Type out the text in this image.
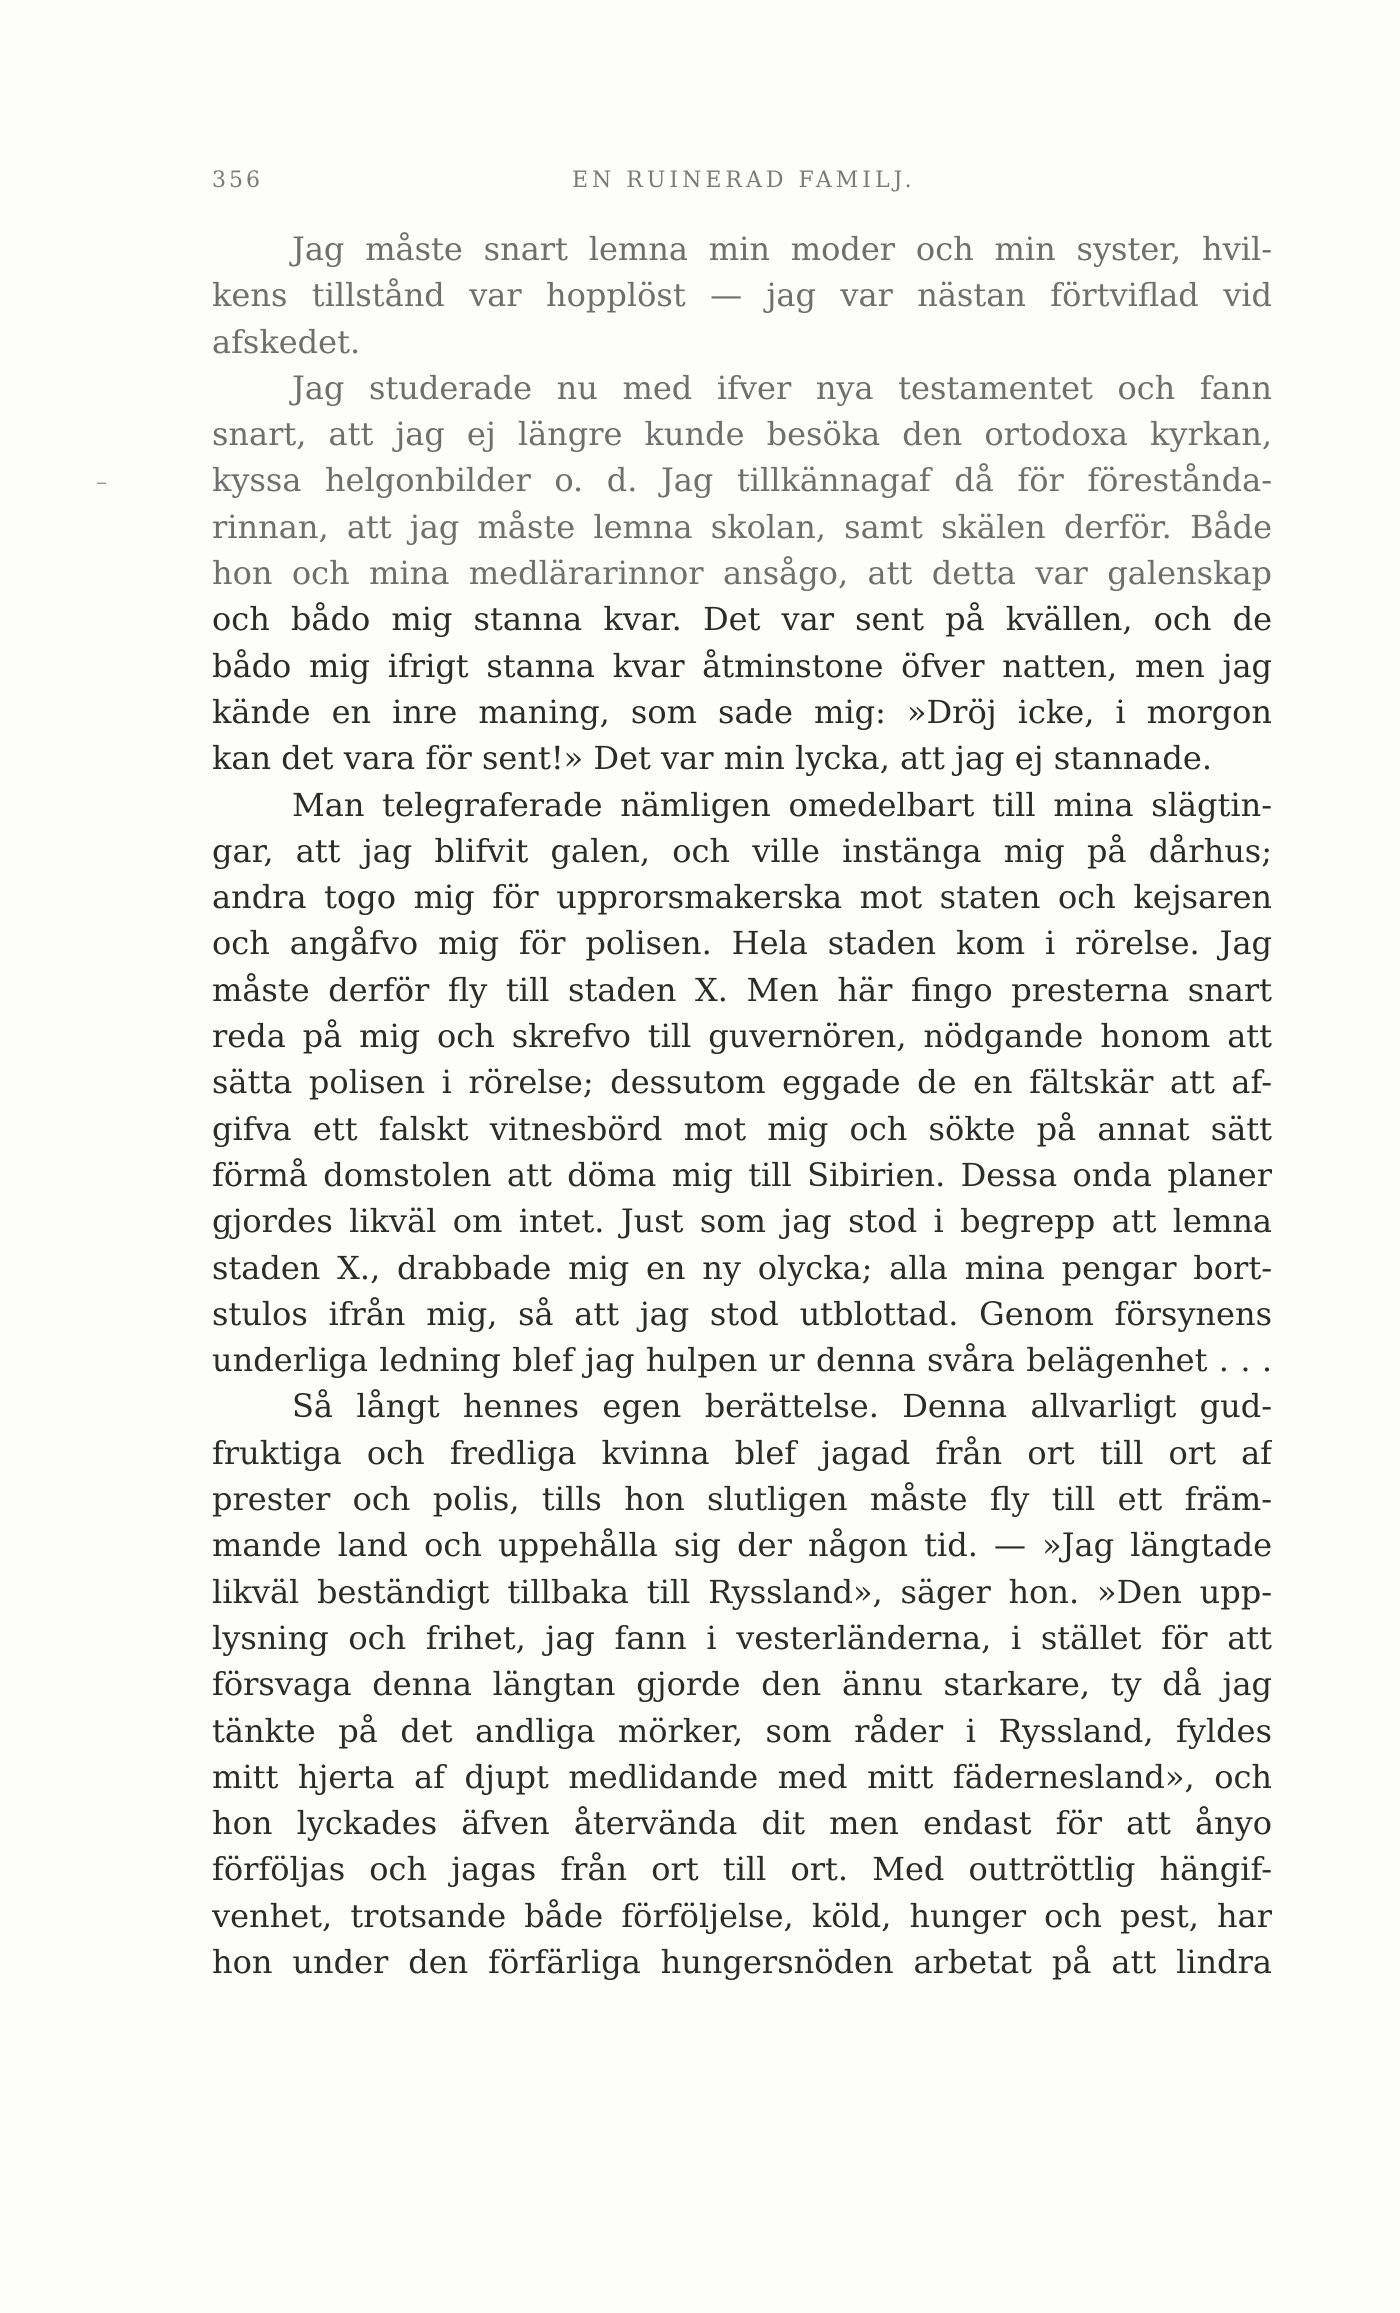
356	EN RUINERAD FAMILJ.
–
Jag måste snart lemna min moder och min syster, hvil-
kens tillstånd var hopplöst — jag var nästan förtviflad vid
afskedet.
Jag studerade nu med ifver nya testamentet och fann
snart, att jag ej längre kunde besöka den ortodoxa kyrkan,
kyssa helgonbilder o. d. Jag tillkännagaf då för förestånda-
rinnan, att jag måste lemna skolan, samt skälen derför. Både
hon och mina medlärarinnor ansågo, att detta var galenskap
och bådo mig stanna kvar. Det var sent på kvällen, och de
bådo mig ifrigt stanna kvar åtminstone öfver natten, men jag
kände en inre maning, som sade mig: »Dröj icke, i morgon
kan det vara för sent!» Det var min lycka, att jag ej stannade.
Man telegraferade nämligen omedelbart till mina slägtin-
gar, att jag blifvit galen, och ville instänga mig på dårhus;
andra togo mig för upprorsmakerska mot staten och kejsaren
och angåfvo mig för polisen. Hela staden kom i rörelse. Jag
måste derför fly till staden X. Men här fingo presterna snart
reda på mig och skrefvo till guvernören, nödgande honom att
sätta polisen i rörelse; dessutom eggade de en fältskär att af-
gifva ett falskt vitnesbörd mot mig och sökte på annat sätt
förmå domstolen att döma mig till Sibirien. Dessa onda planer
gjordes likväl om intet. Just som jag stod i begrepp att lemna
staden X., drabbade mig en ny olycka; alla mina pengar bort-
stulos ifrån mig, så att jag stod utblottad. Genom försynens
underliga ledning blef jag hulpen ur denna svåra belägenhet . . .
Så långt hennes egen berättelse. Denna allvarligt gud-
fruktiga och fredliga kvinna blef jagad från ort till ort af
prester och polis, tills hon slutligen måste fly till ett främ-
mande land och uppehålla sig der någon tid. — »Jag längtade
likväl beständigt tillbaka till Ryssland», säger hon. »Den upp-
lysning och frihet, jag fann i vesterländerna, i stället för att
försvaga denna längtan gjorde den ännu starkare, ty då jag
tänkte på det andliga mörker, som råder i Ryssland, fyldes
mitt hjerta af djupt medlidande med mitt fädernesland», och
hon lyckades äfven återvända dit men endast för att ånyo
förföljas och jagas från ort till ort. Med outtröttlig hängif-
venhet, trotsande både förföljelse, köld, hunger och pest, har
hon under den förfärliga hungersnöden arbetat på att lindra
